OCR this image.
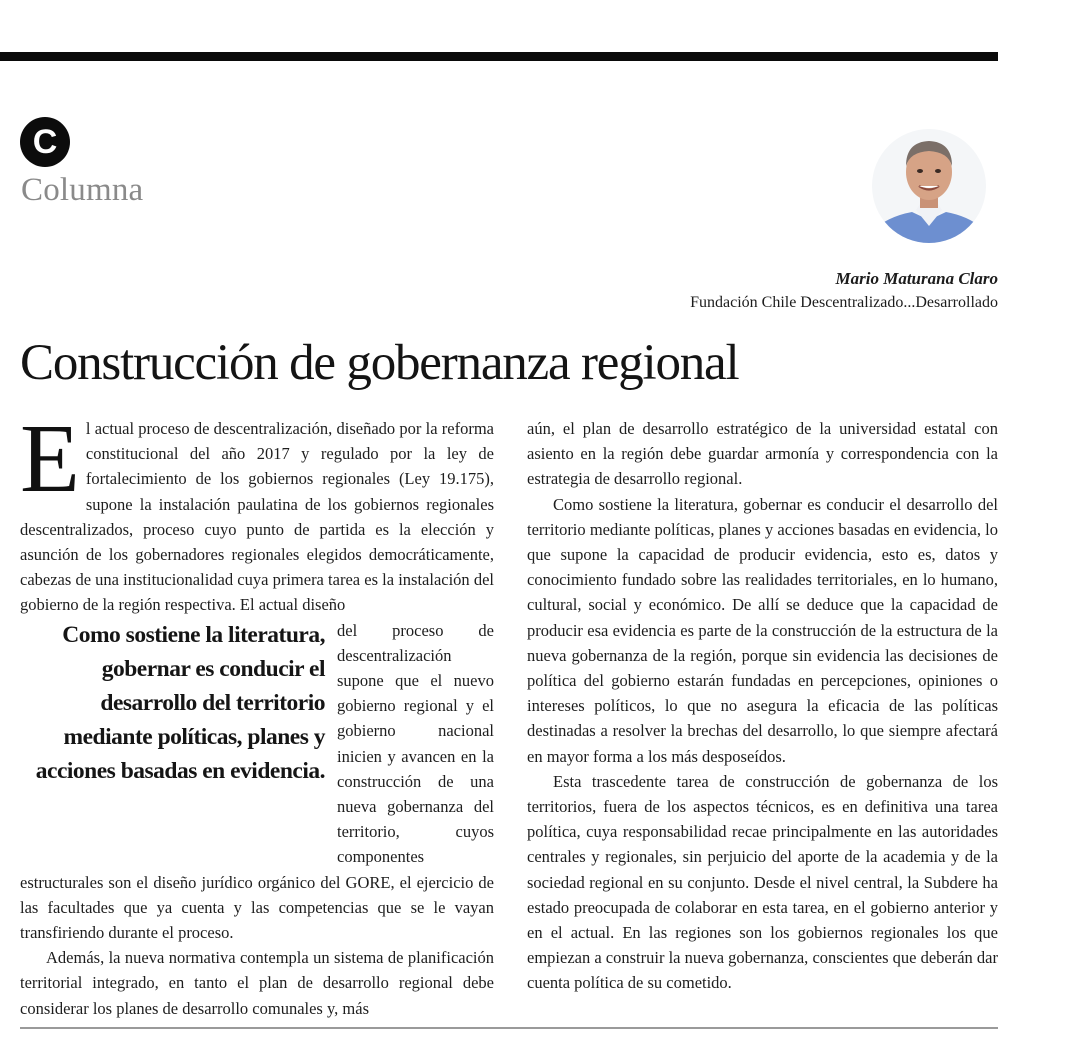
C
Columna
Mario Maturana Claro
Fundación Chile Descentralizado...Desarrollado
Construcción de gobernanza regional

El actual proceso de descentralización, diseñado por la reforma constitucional del año 2017 y regulado por la ley de fortalecimiento de los gobiernos regionales (Ley 19.175), supone la instalación paulatina de los gobiernos regionales descentralizados, proceso cuyo punto de partida es la elección y asunción de los gobernadores regionales elegidos democráticamente, cabezas de una institucionalidad cuya primera tarea es la instalación del gobierno de la región respectiva. El actual diseño

Como sostiene la literatura, gobernar es conducir el desarrollo del territorio mediante políticas, planes y acciones basadas en evidencia.

del proceso de descentralización supone que el nuevo gobierno regional y el gobierno nacional inicien y avancen en la construcción de una nueva gobernanza del territorio, cuyos componentes estructurales son el diseño jurídico orgánico del GORE, el ejercicio de las facultades que ya cuenta y las competencias que se le vayan transfiriendo durante el proceso.

Además, la nueva normativa contempla un sistema de planificación territorial integrado, en tanto el plan de desarrollo regional debe considerar los planes de desarrollo comunales y, más

aún, el plan de desarrollo estratégico de la universidad estatal con asiento en la región debe guardar armonía y correspondencia con la estrategia de desarrollo regional.

Como sostiene la literatura, gobernar es conducir el desarrollo del territorio mediante políticas, planes y acciones basadas en evidencia, lo que supone la capacidad de producir evidencia, esto es, datos y conocimiento fundado sobre las realidades territoriales, en lo humano, cultural, social y económico. De allí se deduce que la capacidad de producir esa evidencia es parte de la construcción de la estructura de la nueva gobernanza de la región, porque sin evidencia las decisiones de política del gobierno estarán fundadas en percepciones, opiniones o intereses políticos, lo que no asegura la eficacia de las políticas destinadas a resolver la brechas del desarrollo, lo que siempre afectará en mayor forma a los más desposeídos.

Esta trascedente tarea de construcción de gobernanza de los territorios, fuera de los aspectos técnicos, es en definitiva una tarea política, cuya responsabilidad recae principalmente en las autoridades centrales y regionales, sin perjuicio del aporte de la academia y de la sociedad regional en su conjunto. Desde el nivel central, la Subdere ha estado preocupada de colaborar en esta tarea, en el gobierno anterior y en el actual. En las regiones son los gobiernos regionales los que empiezan a construir la nueva gobernanza, conscientes que deberán dar cuenta política de su cometido.
